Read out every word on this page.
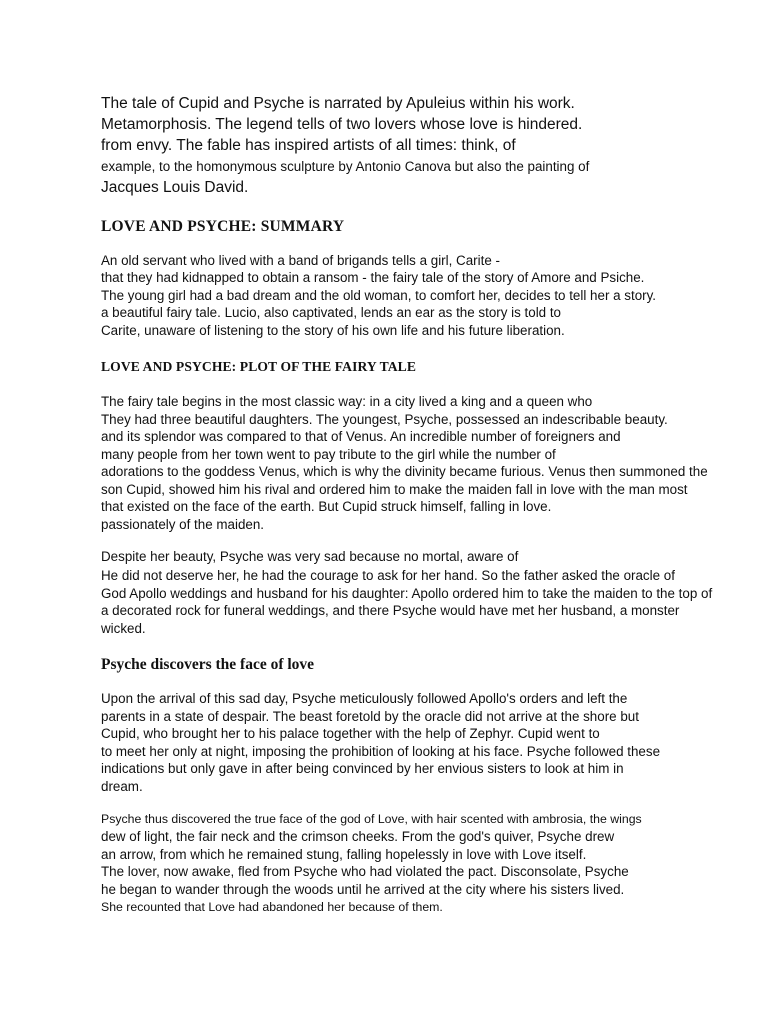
The tale of Cupid and Psyche is narrated by Apuleius within his work.
Metamorphosis. The legend tells of two lovers whose love is hindered.
from envy. The fable has inspired artists of all times: think, of
example, to the homonymous sculpture by Antonio Canova but also the painting of
Jacques Louis David.
LOVE AND PSYCHE: SUMMARY
An old servant who lived with a band of brigands tells a girl, Carite -
that they had kidnapped to obtain a ransom - the fairy tale of the story of Amore and Psiche.
The young girl had a bad dream and the old woman, to comfort her, decides to tell her a story.
a beautiful fairy tale. Lucio, also captivated, lends an ear as the story is told to
Carite, unaware of listening to the story of his own life and his future liberation.
LOVE AND PSYCHE: PLOT OF THE FAIRY TALE
The fairy tale begins in the most classic way: in a city lived a king and a queen who
They had three beautiful daughters. The youngest, Psyche, possessed an indescribable beauty.
and its splendor was compared to that of Venus. An incredible number of foreigners and
many people from her town went to pay tribute to the girl while the number of
adorations to the goddess Venus, which is why the divinity became furious. Venus then summoned the
son Cupid, showed him his rival and ordered him to make the maiden fall in love with the man most
that existed on the face of the earth. But Cupid struck himself, falling in love.
passionately of the maiden.
Despite her beauty, Psyche was very sad because no mortal, aware of
He did not deserve her, he had the courage to ask for her hand. So the father asked the oracle of
God Apollo weddings and husband for his daughter: Apollo ordered him to take the maiden to the top of
a decorated rock for funeral weddings, and there Psyche would have met her husband, a monster
wicked.
Psyche discovers the face of love
Upon the arrival of this sad day, Psyche meticulously followed Apollo's orders and left the
parents in a state of despair. The beast foretold by the oracle did not arrive at the shore but
Cupid, who brought her to his palace together with the help of Zephyr. Cupid went to
to meet her only at night, imposing the prohibition of looking at his face. Psyche followed these
indications but only gave in after being convinced by her envious sisters to look at him in
dream.
Psyche thus discovered the true face of the god of Love, with hair scented with ambrosia, the wings
dew of light, the fair neck and the crimson cheeks. From the god's quiver, Psyche drew
an arrow, from which he remained stung, falling hopelessly in love with Love itself.
The lover, now awake, fled from Psyche who had violated the pact. Disconsolate, Psyche
he began to wander through the woods until he arrived at the city where his sisters lived.
She recounted that Love had abandoned her because of them.
